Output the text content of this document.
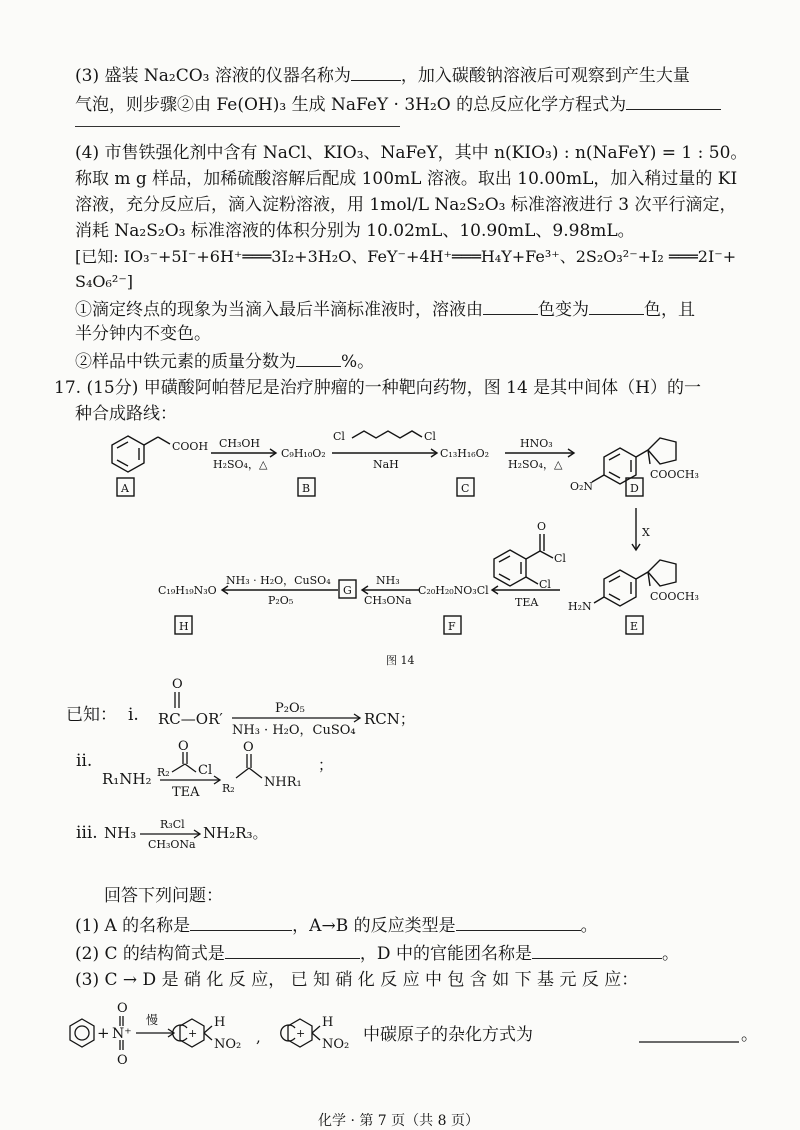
(3) 盛装 Na₂CO₃ 溶液的仪器名称为	，加入碳酸钠溶液后可观察到产生大量
气泡，则步骤②由 Fe(OH)₃ 生成 NaFeY · 3H₂O 的总反应化学方程式为
(4) 市售铁强化剂中含有 NaCl、KIO₃、NaFeY，其中 n(KIO₃) : n(NaFeY) = 1 : 50。
称取 m g 样品，加稀硫酸溶解后配成 100mL 溶液。取出 10.00mL，加入稍过量的 KI
溶液，充分反应后，滴入淀粉溶液，用 1mol/L Na₂S₂O₃ 标准溶液进行 3 次平行滴定，
消耗 Na₂S₂O₃ 标准溶液的体积分别为 10.02mL、10.90mL、9.98mL。
[已知: IO₃⁻+5I⁻+6H⁺═══3I₂+3H₂O、FeY⁻+4H⁺═══H₄Y+Fe³⁺、2S₂O₃²⁻+I₂ ═══2I⁻+
S₄O₆²⁻]
①滴定终点的现象为当滴入最后半滴标准液时，溶液由	色变为	色，且
半分钟内不变色。
②样品中铁元素的质量分数为	%。
17. (15分) 甲磺酸阿帕替尼是治疗肿瘤的一种靶向药物，图 14 是其中间体（H）的一
种合成路线：
COOH CH₃OH
H₂SO₄，△
C₉H₁₀O₂
Cl	Cl
NaH
C₁₃H₁₆O₂
HNO₃
H₂SO₄，△
COOCH₃
O₂N
X
H₂N
COOCH₃
O
Cl
Cl
TEA
C₂₀H₂₀NO₃Cl
NH₃
CH₃ONa
NH₃ · H₂O，CuSO₄
P₂O₅
C₁₉H₁₉N₃O
A	B	C	D
E
F
G
H
图 14
已知： ⅰ.
O
RC—OR′
P₂O₅
NH₃ · H₂O，CuSO₄
RCN；
ⅱ.
O
R₂ Cl
R₁NH₂
TEA
O
R₂ NHR₁
；
ⅲ. NH₃ R₃Cl
CH₃ONa
NH₂R₃。
回答下列问题：
(1) A 的名称是	，A→B 的反应类型是	。
(2) C 的结构简式是	，D 中的官能团名称是	。
(3) C → D 是 硝 化 反 应， 已 知 硝 化 反 应 中 包 含 如 下 基 元 反 应：
+
O
N⁺
O
慢
+
H
NO₂ ,	+
H
NO₂ 中碳原子的杂化方式为	。
化学 · 第 7 页（共 8 页）
